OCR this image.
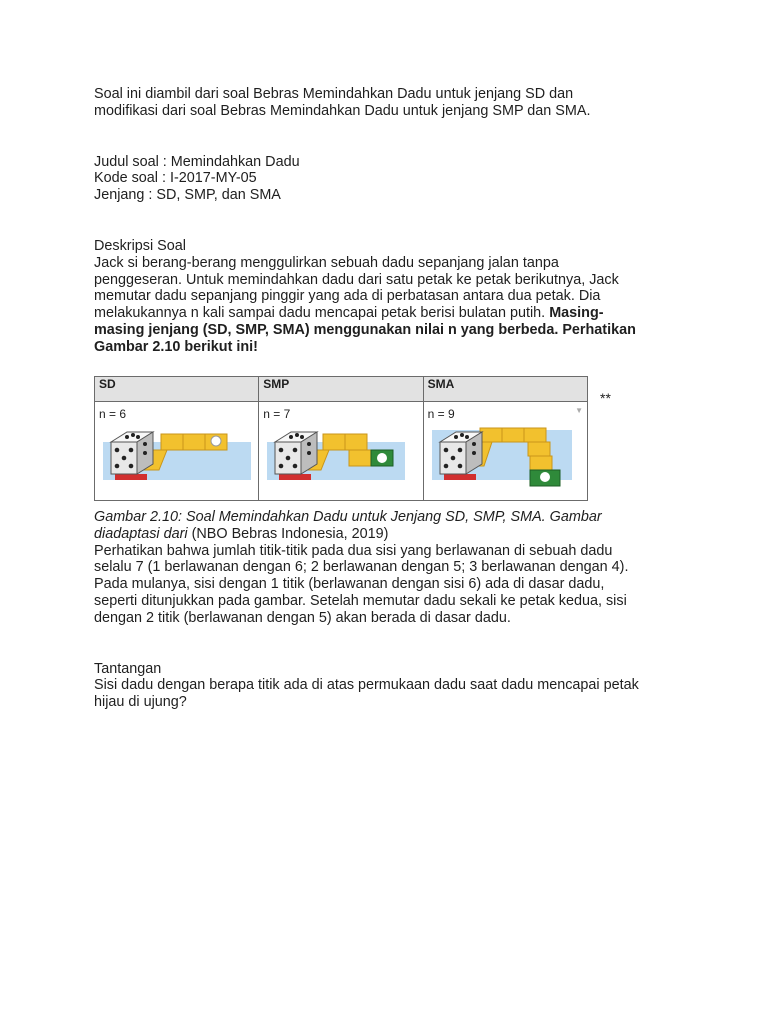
Soal ini diambil dari soal Bebras Memindahkan Dadu untuk jenjang SD dan

modifikasi dari soal Bebras Memindahkan Dadu untuk jenjang SMP dan SMA.

Judul soal : Memindahkan Dadu

Kode soal : I-2017-MY-05

Jenjang : SD, SMP, dan SMA

Deskripsi Soal

Jack si berang-berang menggulirkan sebuah dadu sepanjang jalan tanpa

penggeseran. Untuk memindahkan dadu dari satu petak ke petak berikutnya, Jack

memutar dadu sepanjang pinggir yang ada di perbatasan antara dua petak. Dia

melakukannya n kali sampai dadu mencapai petak berisi bulatan putih. Masing-

masing jenjang (SD, SMP, SMA) menggunakan nilai n yang berbeda. Perhatikan

Gambar 2.10 berikut ini!

SD	SMP	SMA

n = 6	n = 7	n = 9 ▼
**

Gambar 2.10: Soal Memindahkan Dadu untuk Jenjang SD, SMP, SMA. Gambar

diadaptasi dari (NBO Bebras Indonesia, 2019)

Perhatikan bahwa jumlah titik-titik pada dua sisi yang berlawanan di sebuah dadu

selalu 7 (1 berlawanan dengan 6; 2 berlawanan dengan 5; 3 berlawanan dengan 4).

Pada mulanya, sisi dengan 1 titik (berlawanan dengan sisi 6) ada di dasar dadu,

seperti ditunjukkan pada gambar. Setelah memutar dadu sekali ke petak kedua, sisi

dengan 2 titik (berlawanan dengan 5) akan berada di dasar dadu.

Tantangan

Sisi dadu dengan berapa titik ada di atas permukaan dadu saat dadu mencapai petak

hijau di ujung?
